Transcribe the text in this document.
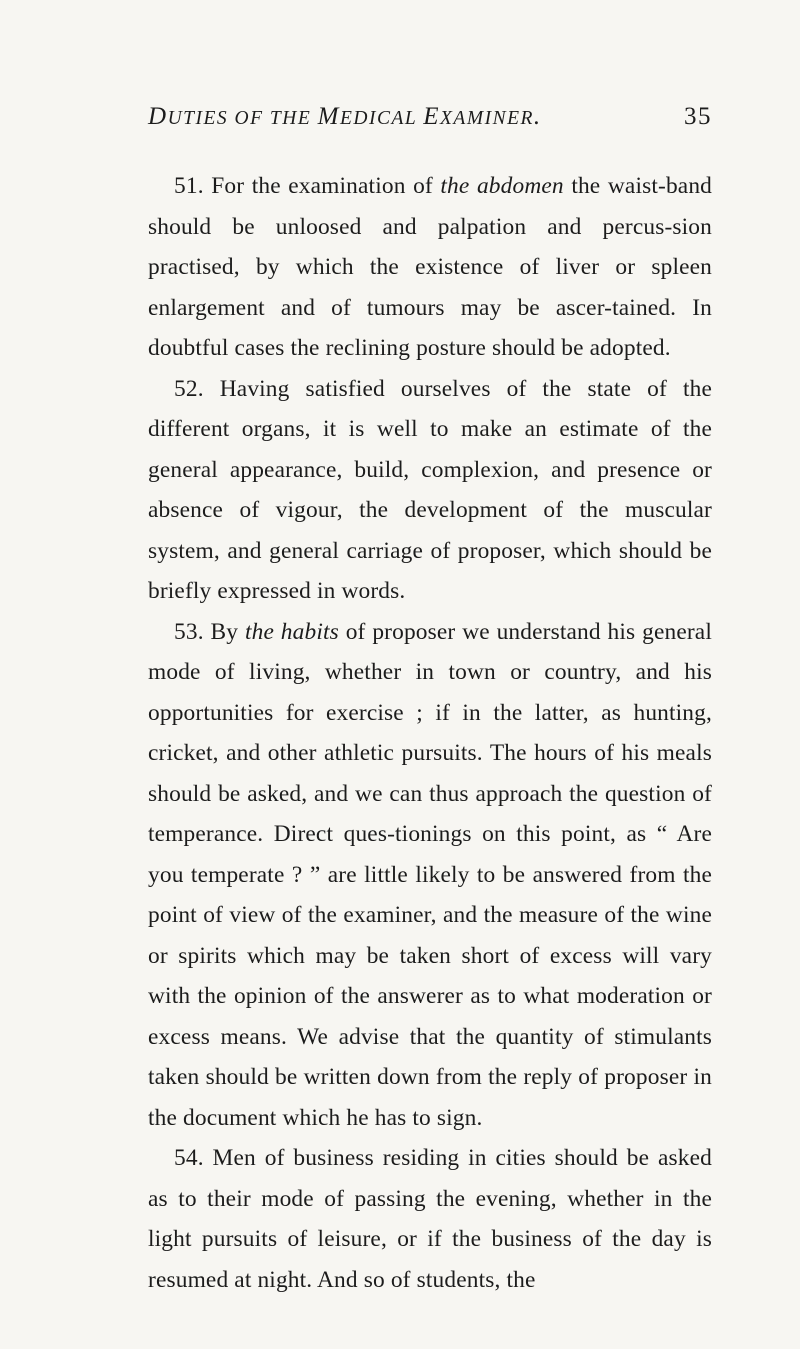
DUTIES OF THE MEDICAL EXAMINER.	35

51. For the examination of the abdomen the waist-band should be unloosed and palpation and percus-sion practised, by which the existence of liver or spleen enlargement and of tumours may be ascer-tained. In doubtful cases the reclining posture should be adopted.

52. Having satisfied ourselves of the state of the different organs, it is well to make an estimate of the general appearance, build, complexion, and presence or absence of vigour, the development of the muscular system, and general carriage of proposer, which should be briefly expressed in words.

53. By the habits of proposer we understand his general mode of living, whether in town or country, and his opportunities for exercise ; if in the latter, as hunting, cricket, and other athletic pursuits. The hours of his meals should be asked, and we can thus approach the question of temperance. Direct ques-tionings on this point, as “ Are you temperate ? ” are little likely to be answered from the point of view of the examiner, and the measure of the wine or spirits which may be taken short of excess will vary with the opinion of the answerer as to what moderation or excess means. We advise that the quantity of stimulants taken should be written down from the reply of proposer in the document which he has to sign.

54. Men of business residing in cities should be asked as to their mode of passing the evening, whether in the light pursuits of leisure, or if the business of the day is resumed at night. And so of students, the
